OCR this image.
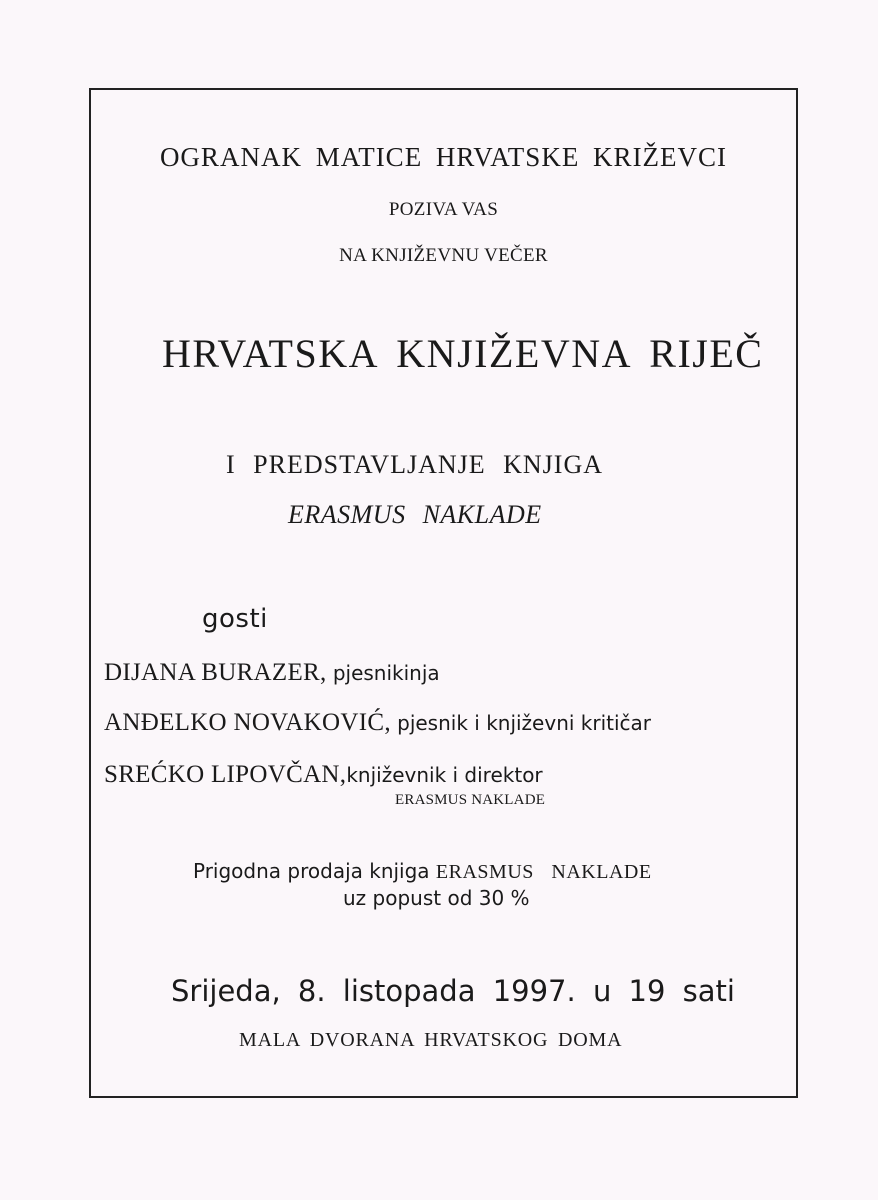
OGRANAK MATICE HRVATSKE KRIŽEVCI
POZIVA VAS
NA KNJIŽEVNU VEČER
HRVATSKA KNJIŽEVNA RIJEČ
I PREDSTAVLJANJE KNJIGA
ERASMUS NAKLADE
gosti
DIJANA BURAZER, pjesnikinja
ANĐELKO NOVAKOVIĆ, pjesnik i književni kritičar
SREĆKO LIPOVČAN,književnik i direktor
ERASMUS NAKLADE
Prigodna prodaja knjiga ERASMUS NAKLADE
uz popust od 30 %
Srijeda, 8. listopada 1997. u 19 sati
MALA DVORANA HRVATSKOG DOMA
